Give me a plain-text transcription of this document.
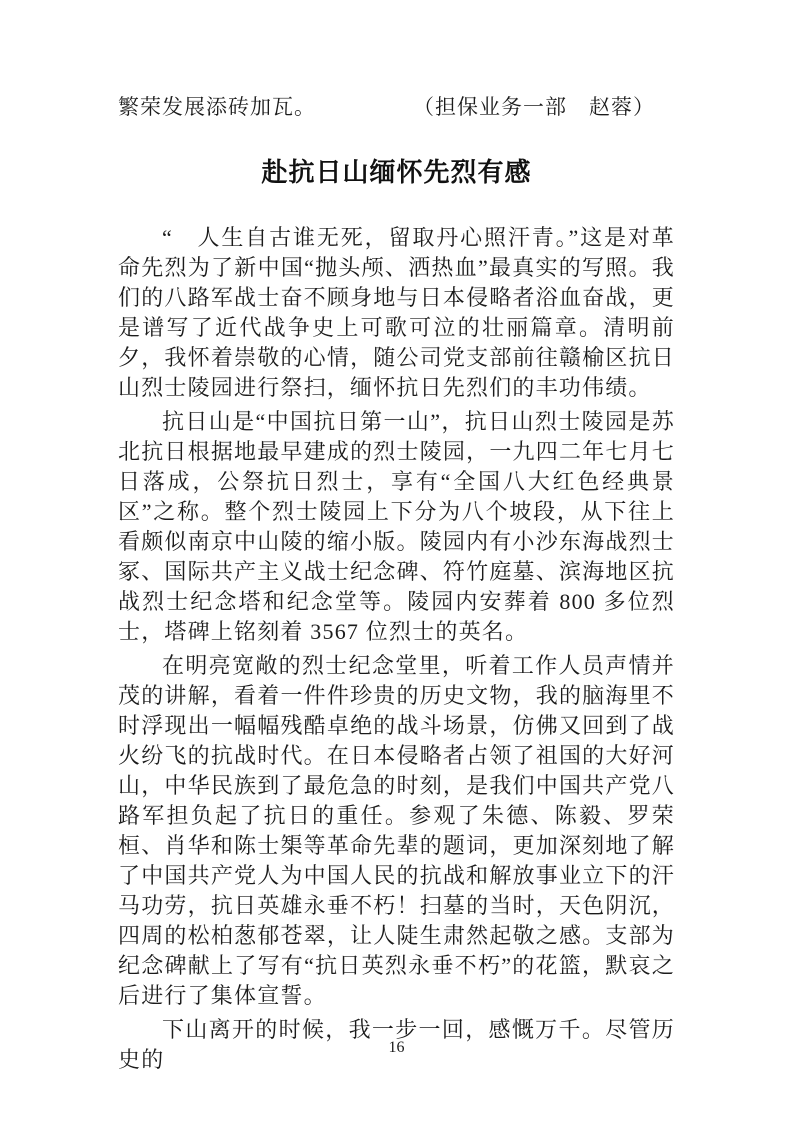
繁荣发展添砖加瓦。	（担保业务一部　赵蓉）
赴抗日山缅怀先烈有感

“　人生自古谁无死，留取丹心照汗青。”这是对革命先烈为了新中国“抛头颅、洒热血”最真实的写照。我们的八路军战士奋不顾身地与日本侵略者浴血奋战，更是谱写了近代战争史上可歌可泣的壮丽篇章。清明前夕，我怀着崇敬的心情，随公司党支部前往赣榆区抗日山烈士陵园进行祭扫，缅怀抗日先烈们的丰功伟绩。

抗日山是“中国抗日第一山”，抗日山烈士陵园是苏北抗日根据地最早建成的烈士陵园，一九四二年七月七日落成，公祭抗日烈士，享有“全国八大红色经典景区”之称。整个烈士陵园上下分为八个坡段，从下往上看颇似南京中山陵的缩小版。陵园内有小沙东海战烈士冢、国际共产主义战士纪念碑、符竹庭墓、滨海地区抗战烈士纪念塔和纪念堂等。陵园内安葬着 800 多位烈士，塔碑上铭刻着 3567 位烈士的英名。

在明亮宽敞的烈士纪念堂里，听着工作人员声情并茂的讲解，看着一件件珍贵的历史文物，我的脑海里不时浮现出一幅幅残酷卓绝的战斗场景，仿佛又回到了战火纷飞的抗战时代。在日本侵略者占领了祖国的大好河山，中华民族到了最危急的时刻，是我们中国共产党八路军担负起了抗日的重任。参观了朱德、陈毅、罗荣桓、肖华和陈士榘等革命先辈的题词，更加深刻地了解了中国共产党人为中国人民的抗战和解放事业立下的汗马功劳，抗日英雄永垂不朽！扫墓的当时，天色阴沉，四周的松柏葱郁苍翠，让人陡生肃然起敬之感。支部为纪念碑献上了写有“抗日英烈永垂不朽”的花篮，默哀之后进行了集体宣誓。

下山离开的时候，我一步一回，感慨万千。尽管历史的	16
